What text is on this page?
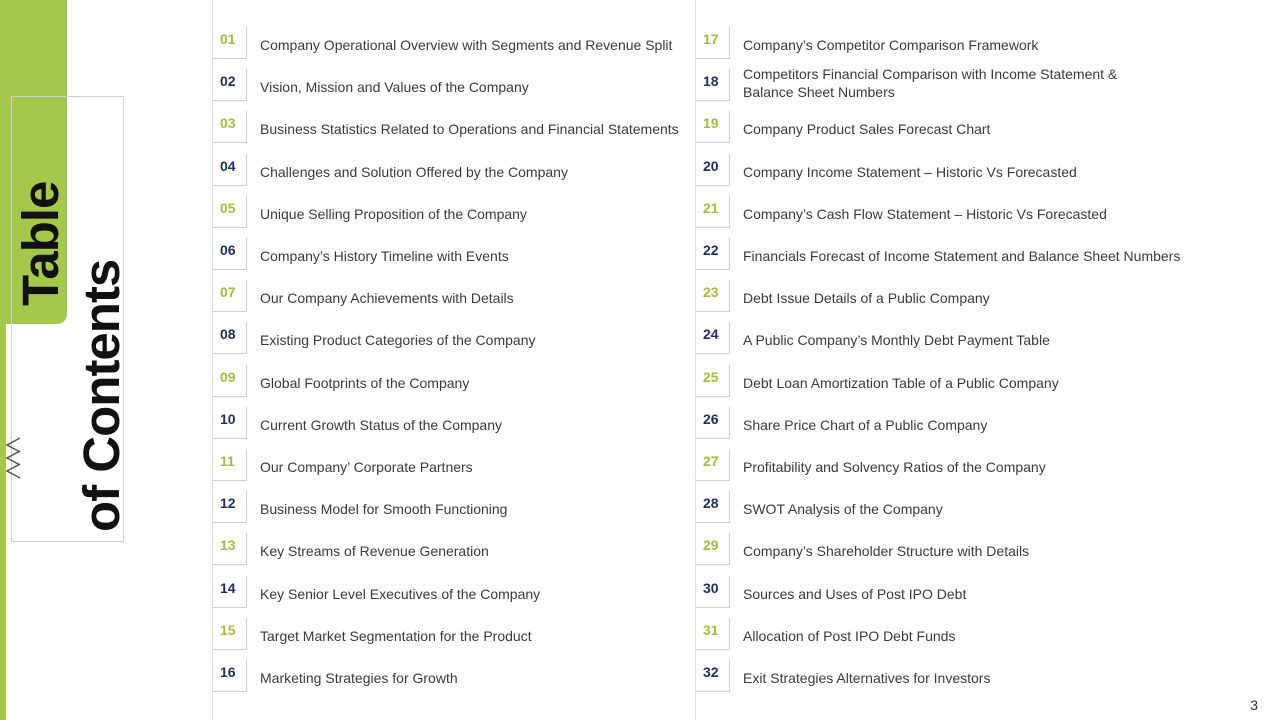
Table
of Contents
01	Company Operational Overview with Segments and Revenue Split
02	Vision, Mission and Values of the Company
03	Business Statistics Related to Operations and Financial Statements
04	Challenges and Solution Offered by the Company
05	Unique Selling Proposition of the Company
06	Company’s History Timeline with Events
07	Our Company Achievements with Details
08	Existing Product Categories of the Company
09	Global Footprints of the Company
10	Current Growth Status of the Company
11	Our Company’ Corporate Partners
12	Business Model for Smooth Functioning
13	Key Streams of Revenue Generation
14	Key Senior Level Executives of the Company
15	Target Market Segmentation for the Product
16	Marketing Strategies for Growth
17	Company’s Competitor Comparison Framework
18	Competitors Financial Comparison with Income Statement & Balance Sheet Numbers
19	Company Product Sales Forecast Chart
20	Company Income Statement – Historic Vs Forecasted
21	Company’s Cash Flow Statement – Historic Vs Forecasted
22	Financials Forecast of Income Statement and Balance Sheet Numbers
23	Debt Issue Details of a Public Company
24	A Public Company’s Monthly Debt Payment Table
25	Debt Loan Amortization Table of a Public Company
26	Share Price Chart of a Public Company
27	Profitability and Solvency Ratios of the Company
28	SWOT Analysis of the Company
29	Company’s Shareholder Structure with Details
30	Sources and Uses of Post IPO Debt
31	Allocation of Post IPO Debt Funds
32	Exit Strategies Alternatives for Investors
3
